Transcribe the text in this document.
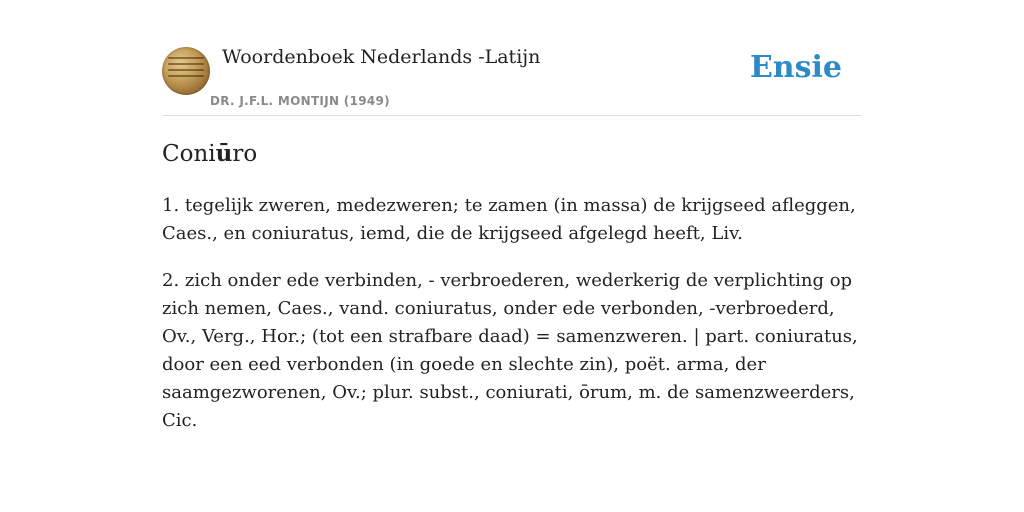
Woordenboek Nederlands -Latijn
DR. J.F.L. MONTIJN (1949)
Ensie
Coniūro

1. tegelijk zweren, medezweren; te zamen (in massa) de krijgseed afleggen, Caes., en coniuratus, iemd, die de krijgseed afgelegd heeft, Liv.

2. zich onder ede verbinden, - verbroederen, wederkerig de verplichting op zich nemen, Caes., vand. coniuratus, onder ede verbonden, -verbroederd, Ov., Verg., Hor.; (tot een strafbare daad) = samenzweren. | part. coniuratus, door een eed verbonden (in goede en slechte zin), poët. arma, der saamgezworenen, Ov.; plur. subst., coniurati, ōrum, m. de samenzweerders, Cic.
